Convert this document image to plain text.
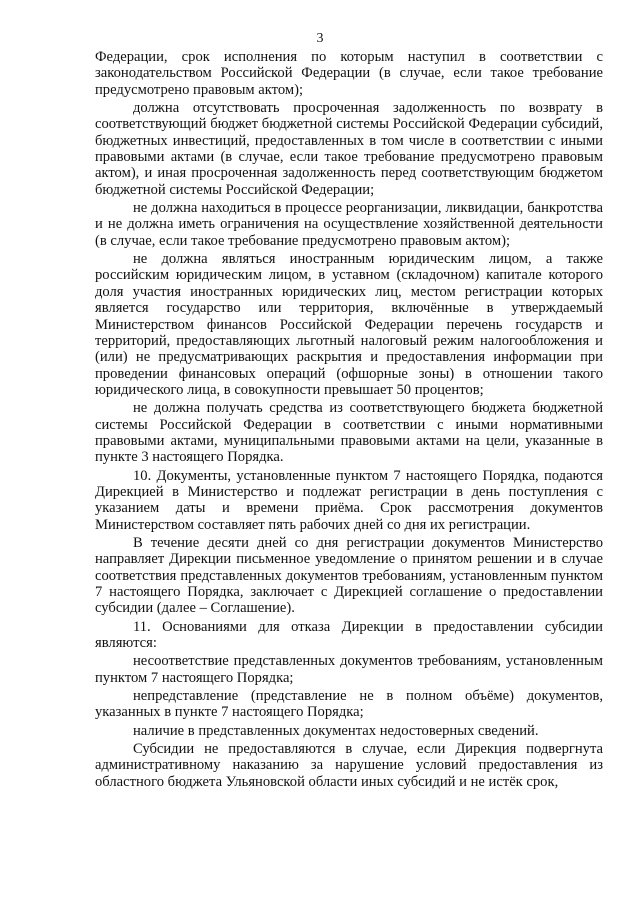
3

Федерации, срок исполнения по которым наступил в соответствии с законодательством Российской Федерации (в случае, если такое требование предусмотрено правовым актом);

должна отсутствовать просроченная задолженность по возврату в соответствующий бюджет бюджетной системы Российской Федерации субсидий, бюджетных инвестиций, предоставленных в том числе в соответствии с иными правовыми актами (в случае, если такое требование предусмотрено правовым актом), и иная просроченная задолженность перед соответствующим бюджетом бюджетной системы Российской Федерации;

не должна находиться в процессе реорганизации, ликвидации, банкротства и не должна иметь ограничения на осуществление хозяйственной деятельности (в случае, если такое требование предусмотрено правовым актом);

не должна являться иностранным юридическим лицом, а также российским юридическим лицом, в уставном (складочном) капитале которого доля участия иностранных юридических лиц, местом регистрации которых является государство или территория, включённые в утверждаемый Министерством финансов Российской Федерации перечень государств и территорий, предоставляющих льготный налоговый режим налогообложения и (или) не предусматривающих раскрытия и предоставления информации при проведении финансовых операций (офшорные зоны) в отношении такого юридического лица, в совокупности превышает 50 процентов;

не должна получать средства из соответствующего бюджета бюджетной системы Российской Федерации в соответствии с иными нормативными правовыми актами, муниципальными правовыми актами на цели, указанные в пункте 3 настоящего Порядка.

10. Документы, установленные пунктом 7 настоящего Порядка, подаются Дирекцией в Министерство и подлежат регистрации в день поступления с указанием даты и времени приёма. Срок рассмотрения документов Министерством составляет пять рабочих дней со дня их регистрации.

В течение десяти дней со дня регистрации документов Министерство направляет Дирекции письменное уведомление о принятом решении и в случае соответствия представленных документов требованиям, установленным пунктом 7 настоящего Порядка, заключает с Дирекцией соглашение о предоставлении субсидии (далее – Соглашение).

11. Основаниями для отказа Дирекции в предоставлении субсидии являются:

несоответствие представленных документов требованиям, установленным пунктом 7 настоящего Порядка;

непредставление (представление не в полном объёме) документов, указанных в пункте 7 настоящего Порядка;

наличие в представленных документах недостоверных сведений.

Субсидии не предоставляются в случае, если Дирекция подвергнута административному наказанию за нарушение условий предоставления из областного бюджета Ульяновской области иных субсидий и не истёк срок,
